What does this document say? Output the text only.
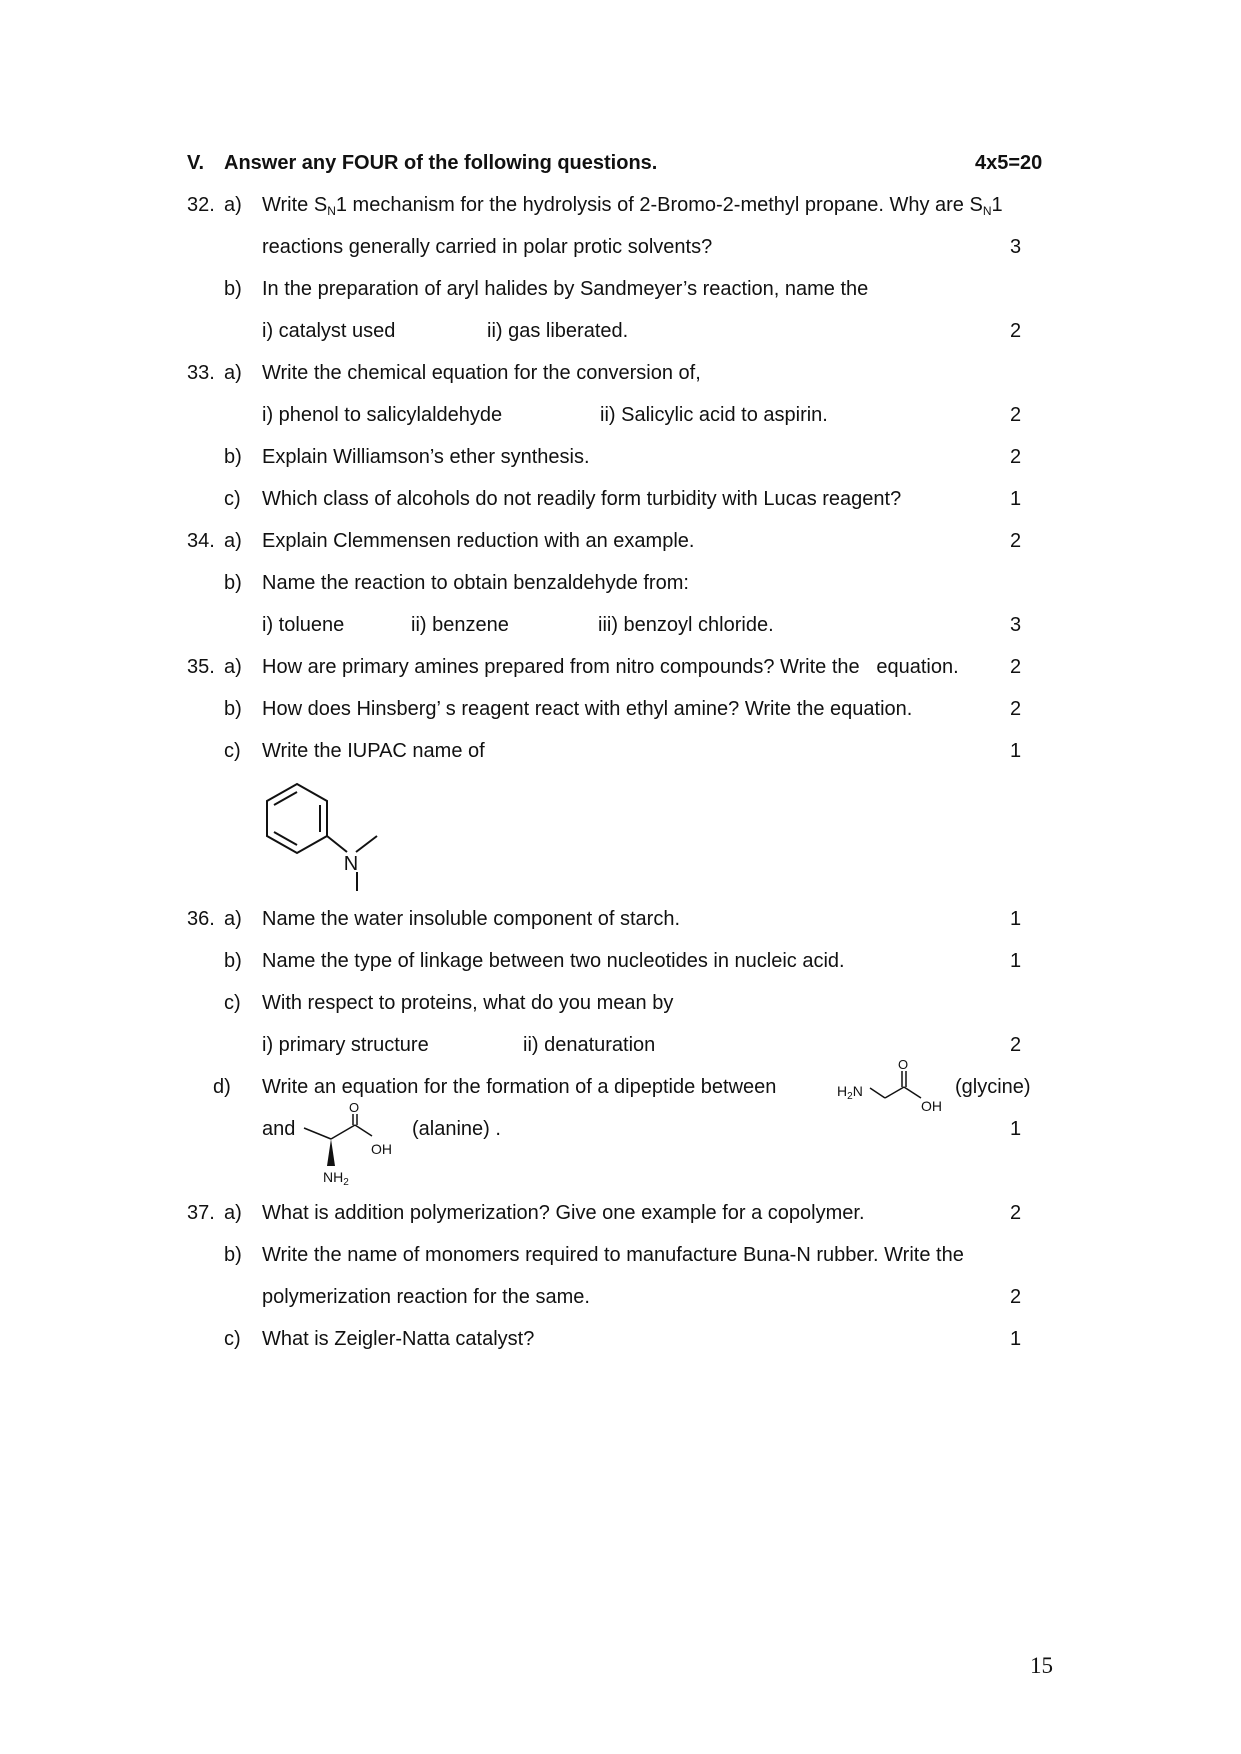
V. Answer any FOUR of the following questions.	4x5=20
32. a) Write $S_N1$ mechanism for the hydrolysis of 2-Bromo-2-methyl propane. Why are $S_N1$
reactions generally carried in polar protic solvents?	3
b) In the preparation of aryl halides by Sandmeyer’s reaction, name the
i) catalyst used	ii) gas liberated.	2
33. a) Write the chemical equation for the conversion of,
i) phenol to salicylaldehyde	ii) Salicylic acid to aspirin.	2
b) Explain Williamson’s ether synthesis.	2
c) Which class of alcohols do not readily form turbidity with Lucas reagent?	1
34. a) Explain Clemmensen reduction with an example.	2
b) Name the reaction to obtain benzaldehyde from:
i) toluene	ii) benzene	iii) benzoyl chloride.	3
35. a) How are primary amines prepared from nitro compounds? Write the   equation.	2
b) How does Hinsberg’ s reagent react with ethyl amine? Write the equation.	2
c) Write the IUPAC name of	1
N
36. a) Name the water insoluble component of starch.	1
b) Name the type of linkage between two nucleotides in nucleic acid.	1
c) With respect to proteins, what do you mean by
i) primary structure	ii) denaturation	2
d) Write an equation for the formation of a dipeptide between	$H_2N$
O
OH
(glycine)
and
O
OH
$NH_2$
(alanine) .	1
37. a) What is addition polymerization? Give one example for a copolymer.	2
b) Write the name of monomers required to manufacture Buna-N rubber. Write the
polymerization reaction for the same.	2
c) What is Zeigler-Natta catalyst?	1
15
